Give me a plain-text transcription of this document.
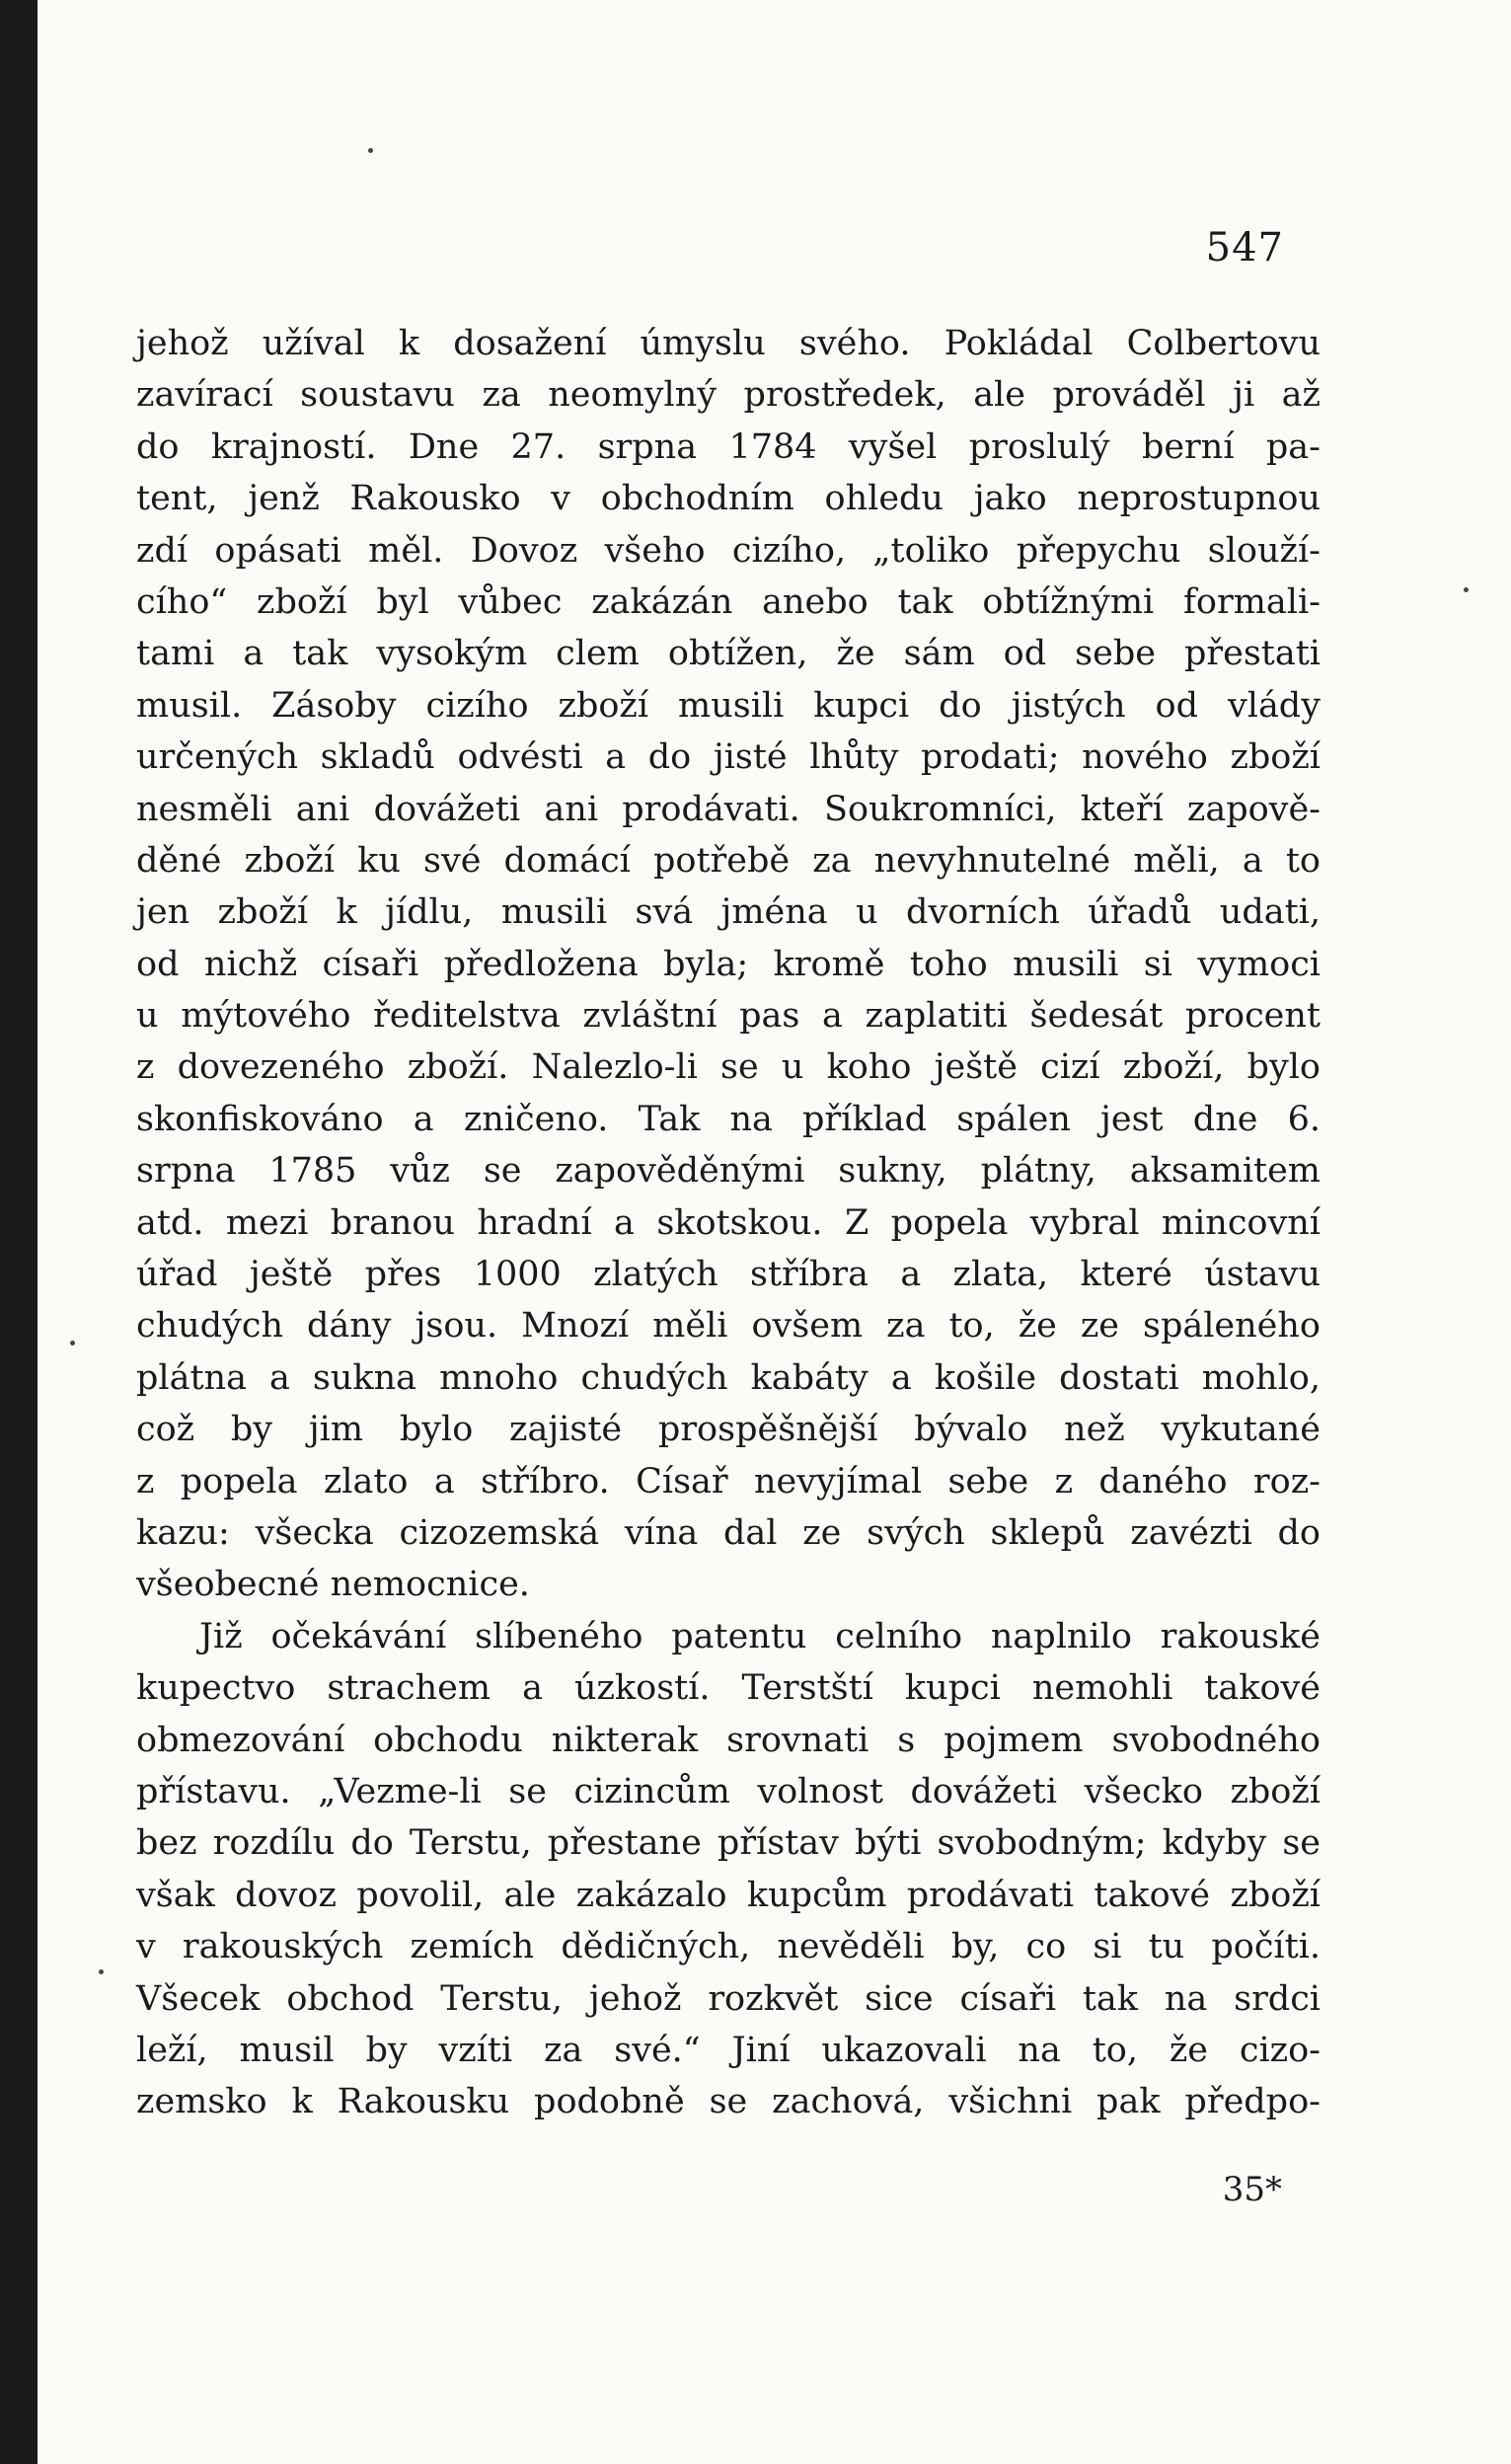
547
jehož užíval k dosažení úmyslu svého. Pokládal Colbertovu
zavírací soustavu za neomylný prostředek, ale prováděl ji až
do krajností. Dne 27. srpna 1784 vyšel proslulý berní pa-
tent, jenž Rakousko v obchodním ohledu jako neprostupnou
zdí opásati měl. Dovoz všeho cizího, „toliko přepychu slouží-
cího“ zboží byl vůbec zakázán anebo tak obtížnými formali-
tami a tak vysokým clem obtížen, že sám od sebe přestati
musil. Zásoby cizího zboží musili kupci do jistých od vlády
určených skladů odvésti a do jisté lhůty prodati; nového zboží
nesměli ani dovážeti ani prodávati. Soukromníci, kteří zapově-
děné zboží ku své domácí potřebě za nevyhnutelné měli, a to
jen zboží k jídlu, musili svá jména u dvorních úřadů udati,
od nichž císaři předložena byla; kromě toho musili si vymoci
u mýtového ředitelstva zvláštní pas a zaplatiti šedesát procent
z dovezeného zboží. Nalezlo-li se u koho ještě cizí zboží, bylo
skonfiskováno a zničeno. Tak na příklad spálen jest dne 6.
srpna 1785 vůz se zapověděnými sukny, plátny, aksamitem
atd. mezi branou hradní a skotskou. Z popela vybral mincovní
úřad ještě přes 1000 zlatých stříbra a zlata, které ústavu
chudých dány jsou. Mnozí měli ovšem za to, že ze spáleného
plátna a sukna mnoho chudých kabáty a košile dostati mohlo,
což by jim bylo zajisté prospěšnější bývalo než vykutané
z popela zlato a stříbro. Císař nevyjímal sebe z daného roz-
kazu: všecka cizozemská vína dal ze svých sklepů zavézti do
všeobecné nemocnice.
Již očekávání slíbeného patentu celního naplnilo rakouské
kupectvo strachem a úzkostí. Terstští kupci nemohli takové
obmezování obchodu nikterak srovnati s pojmem svobodného
přístavu. „Vezme-li se cizincům volnost dovážeti všecko zboží
bez rozdílu do Terstu, přestane přístav býti svobodným; kdyby se
však dovoz povolil, ale zakázalo kupcům prodávati takové zboží
v rakouských zemích dědičných, nevěděli by, co si tu počíti.
Všecek obchod Terstu, jehož rozkvět sice císaři tak na srdci
leží, musil by vzíti za své.“ Jiní ukazovali na to, že cizo-
zemsko k Rakousku podobně se zachová, všichni pak předpo-
35*
